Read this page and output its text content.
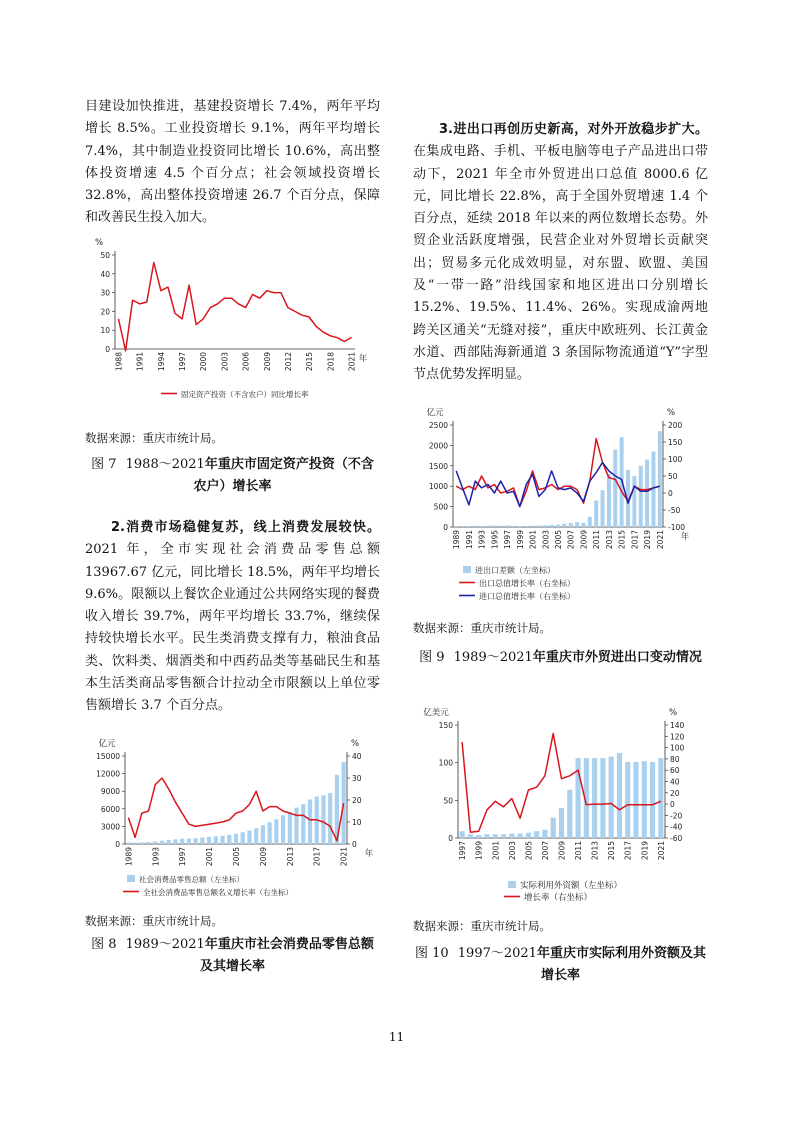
目建设加快推进，基建投资增长 7.4%，两年平均增长 8.5%。工业投资增长 9.1%，两年平均增长 7.4%，其中制造业投资同比增长 10.6%，高出整体投资增速 4.5 个百分点；社会领域投资增长 32.8%，高出整体投资增速 26.7 个百分点，保障和改善民生投入加大。

0
10
20
30
40
50
%
1988 1991 1994 1997 2000 2003 2006 2009 2012 2015 2018 2021 年
固定资产投资（不含农户）同比增长率

数据来源：重庆市统计局。

图 7 1988～2021年重庆市固定资产投资（不含农户）增长率

  2.消费市场稳健复苏，线上消费发展较快。2021 年，全市实现社会消费品零售总额 13967.67 亿元，同比增长 18.5%，两年平均增长 9.6%。限额以上餐饮企业通过公共网络实现的餐费收入增长 39.7%，两年平均增长 33.7%，继续保持较快增长水平。民生类消费支撑有力，粮油食品类、饮料类、烟酒类和中西药品类等基础民生和基本生活类商品零售额合计拉动全市限额以上单位零售额增长 3.7 个百分点。

0
3000
6000
9000
12000
15000
0
10
20
30
40
亿元	%
1989 1993 1997 2001 2005 2009 2013 2017 2021 年
社会消费品零售总额（左坐标）
全社会消费品零售总额名义增长率（右坐标）

数据来源：重庆市统计局。

图 8 1989～2021年重庆市社会消费品零售总额及其增长率

  3.进出口再创历史新高，对外开放稳步扩大。在集成电路、手机、平板电脑等电子产品进出口带动下，2021 年全市外贸进出口总值 8000.6 亿元，同比增长 22.8%，高于全国外贸增速 1.4 个百分点，延续 2018 年以来的两位数增长态势。外贸企业活跃度增强，民营企业对外贸增长贡献突出；贸易多元化成效明显，对东盟、欧盟、美国及“一带一路”沿线国家和地区进出口分别增长 15.2%、19.5%、11.4%、26%。实现成渝两地跨关区通关“无缝对接”，重庆中欧班列、长江黄金水道、西部陆海新通道 3 条国际物流通道“Y”字型节点优势发挥明显。

0
500
1000
1500
2000
2500
-100
-50
0
50
100
150
200
亿元	%
1989 1991 1993 1995 1997 1999 2001 2003 2005 2007 2009 2011 2013 2015 2017 2019 2021 年
进出口差额（左坐标）
出口总值增长率（右坐标）
进口总值增长率（右坐标）

数据来源：重庆市统计局。

图 9 1989～2021年重庆市外贸进出口变动情况

0
50
100
150
-60
-40
-20
0
20
40
60
80
100
120
140
亿美元	%
1997 1999 2001 2003 2005 2007 2009 2011 2013 2015 2017 2019 2021
实际利用外资额（左坐标）
增长率（右坐标）

数据来源：重庆市统计局。

图 10 1997～2021年重庆市实际利用外资额及其增长率

11
